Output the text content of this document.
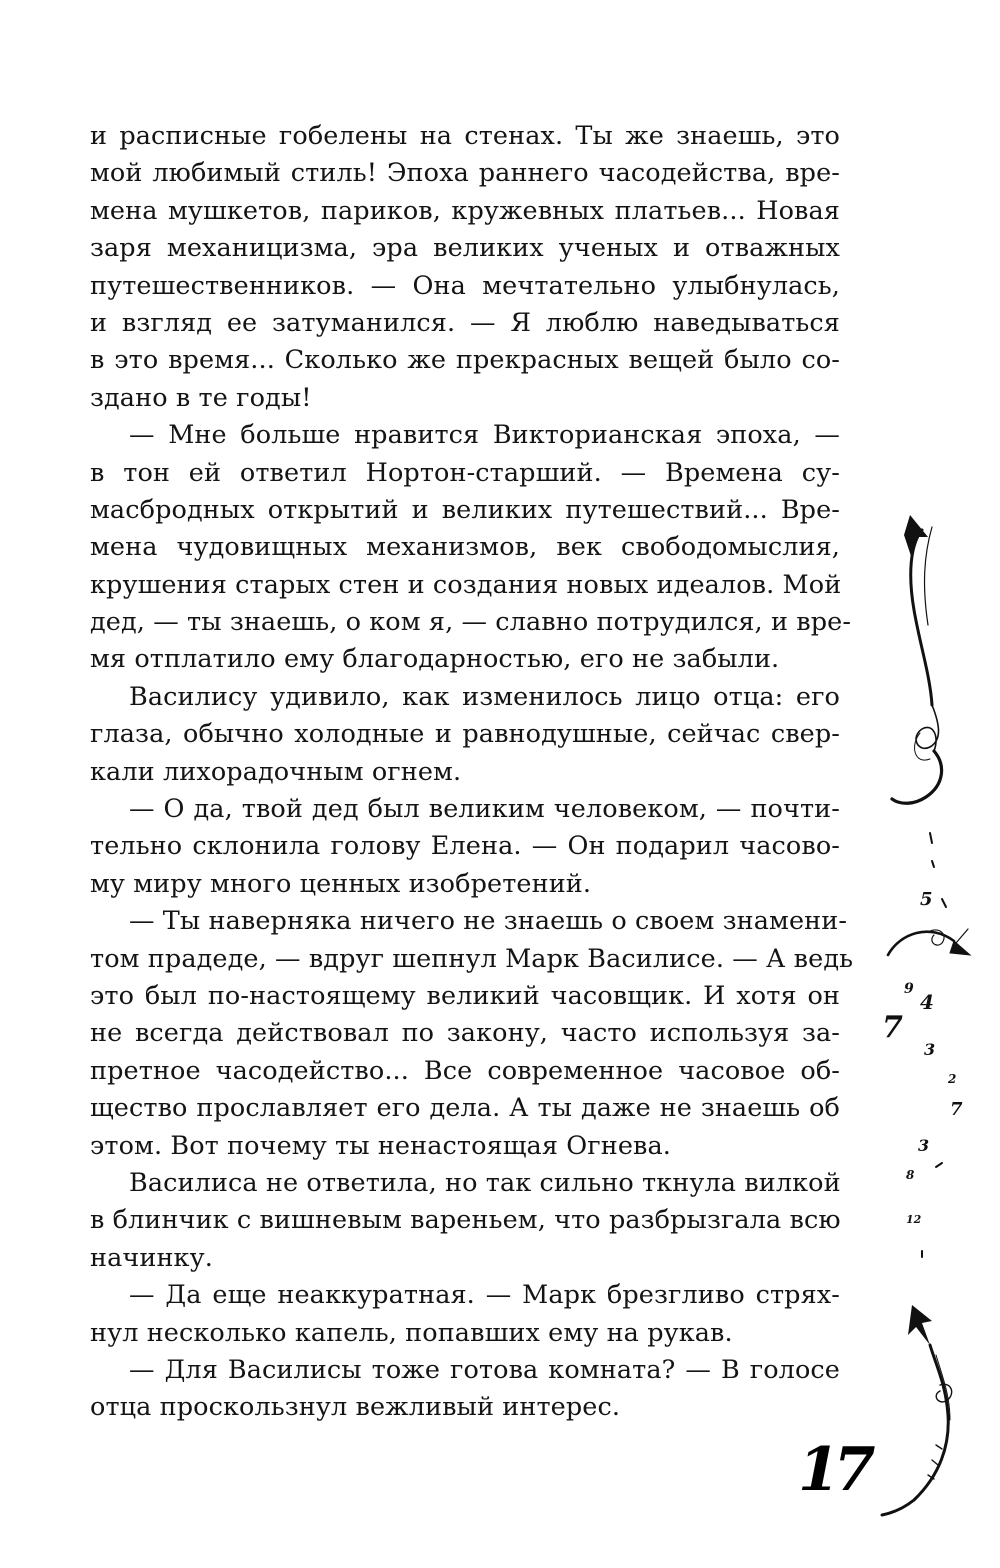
и расписные гобелены на стенах. Ты же знаешь, это
мой любимый стиль! Эпоха раннего часодейства, вре-
мена мушкетов, париков, кружевных платьев... Новая
заря механицизма, эра великих ученых и отважных
путешественников. — Она мечтательно улыбнулась,
и взгляд ее затуманился. — Я люблю наведываться
в это время... Сколько же прекрасных вещей было со-
здано в те годы!
— Мне больше нравится Викторианская эпоха, —
в тон ей ответил Нортон-старший. — Времена су-
масбродных открытий и великих путешествий... Вре-
мена чудовищных механизмов, век свободомыслия,
крушения старых стен и создания новых идеалов. Мой
дед, — ты знаешь, о ком я, — славно потрудился, и вре-
мя отплатило ему благодарностью, его не забыли.
Василису удивило, как изменилось лицо отца: его
глаза, обычно холодные и равнодушные, сейчас свер-
кали лихорадочным огнем.
— О да, твой дед был великим человеком, — почти-
тельно склонила голову Елена. — Он подарил часово-
му миру много ценных изобретений.
— Ты наверняка ничего не знаешь о своем знамени-
том прадеде, — вдруг шепнул Марк Василисе. — А ведь
это был по-настоящему великий часовщик. И хотя он
не всегда действовал по закону, часто используя за-
претное часодейство... Все современное часовое об-
щество прославляет его дела. А ты даже не знаешь об
этом. Вот почему ты ненастоящая Огнева.
Василиса не ответила, но так сильно ткнула вилкой
в блинчик с вишневым вареньем, что разбрызгала всю
начинку.
— Да еще неаккуратная. — Марк брезгливо стрях-
нул несколько капель, попавших ему на рукав.
— Для Василисы тоже готова комната? — В голосе
отца проскользнул вежливый интерес.
5
9
4
7
3
2
7
3
8
12
17
